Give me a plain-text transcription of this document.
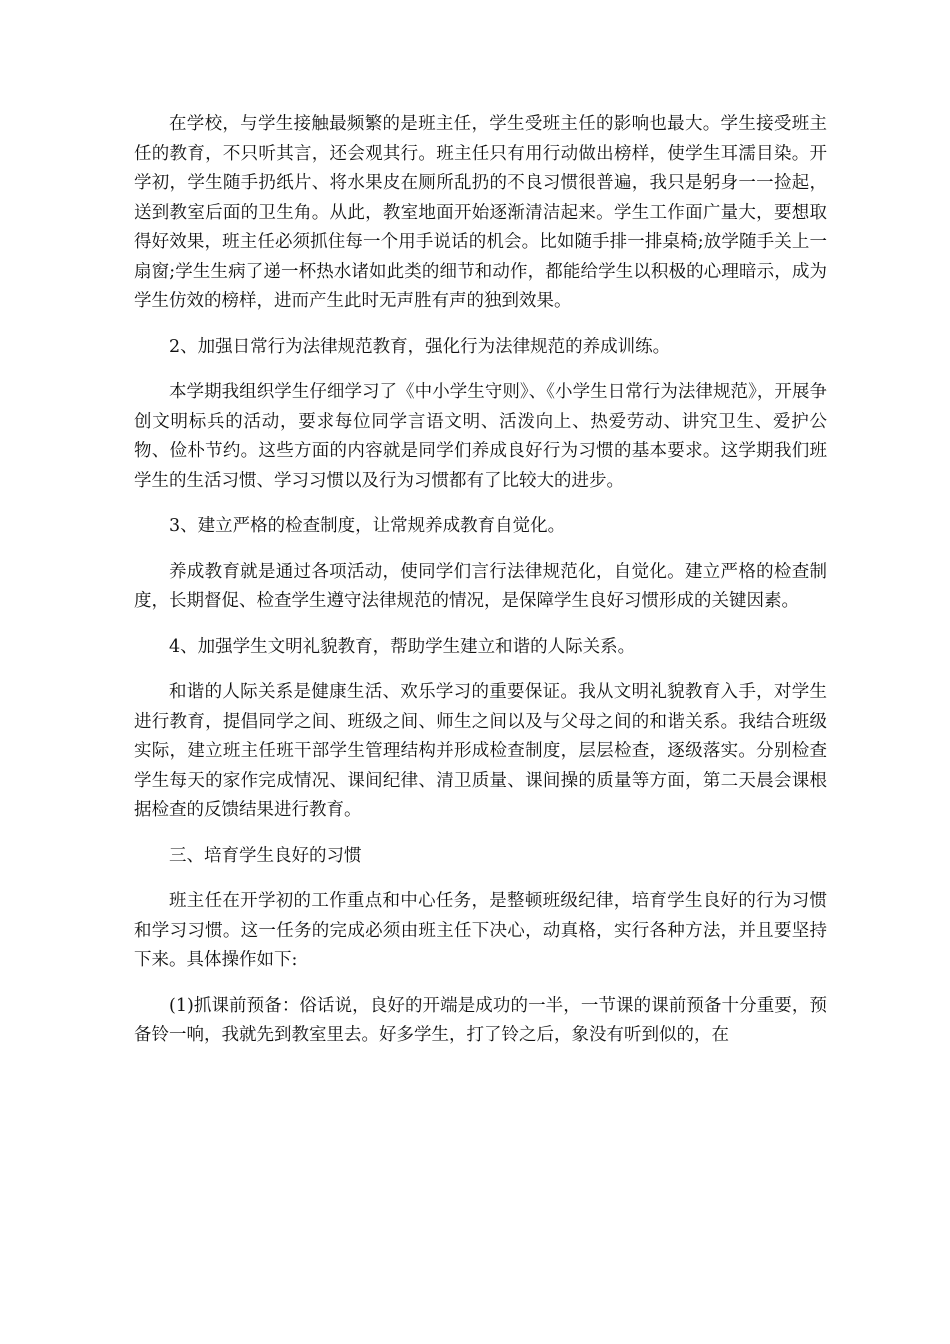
在学校，与学生接触最频繁的是班主任，学生受班主任的影响也最大。学生接受班主任的教育，不只听其言，还会观其行。班主任只有用行动做出榜样，使学生耳濡目染。开学初，学生随手扔纸片、将水果皮在厕所乱扔的不良习惯很普遍，我只是躬身一一捡起，送到教室后面的卫生角。从此，教室地面开始逐渐清洁起来。学生工作面广量大，要想取得好效果，班主任必须抓住每一个用手说话的机会。比如随手排一排桌椅;放学随手关上一扇窗;学生生病了递一杯热水诸如此类的细节和动作，都能给学生以积极的心理暗示，成为学生仿效的榜样，进而产生此时无声胜有声的独到效果。

2、加强日常行为法律规范教育，强化行为法律规范的养成训练。

本学期我组织学生仔细学习了《中小学生守则》、《小学生日常行为法律规范》，开展争创文明标兵的活动，要求每位同学言语文明、活泼向上、热爱劳动、讲究卫生、爱护公物、俭朴节约。这些方面的内容就是同学们养成良好行为习惯的基本要求。这学期我们班学生的生活习惯、学习习惯以及行为习惯都有了比较大的进步。

3、建立严格的检查制度，让常规养成教育自觉化。

养成教育就是通过各项活动，使同学们言行法律规范化，自觉化。建立严格的检查制度，长期督促、检查学生遵守法律规范的情况，是保障学生良好习惯形成的关键因素。

4、加强学生文明礼貌教育，帮助学生建立和谐的人际关系。

和谐的人际关系是健康生活、欢乐学习的重要保证。我从文明礼貌教育入手，对学生进行教育，提倡同学之间、班级之间、师生之间以及与父母之间的和谐关系。我结合班级实际，建立班主任班干部学生管理结构并形成检查制度，层层检查，逐级落实。分别检查学生每天的家作完成情况、课间纪律、清卫质量、课间操的质量等方面，第二天晨会课根据检查的反馈结果进行教育。

三、培育学生良好的习惯

班主任在开学初的工作重点和中心任务，是整顿班级纪律，培育学生良好的行为习惯和学习习惯。这一任务的完成必须由班主任下决心，动真格，实行各种方法，并且要坚持下来。具体操作如下:

(1)抓课前预备：俗话说，良好的开端是成功的一半，一节课的课前预备十分重要，预备铃一响，我就先到教室里去。好多学生，打了铃之后，象没有听到似的，在
